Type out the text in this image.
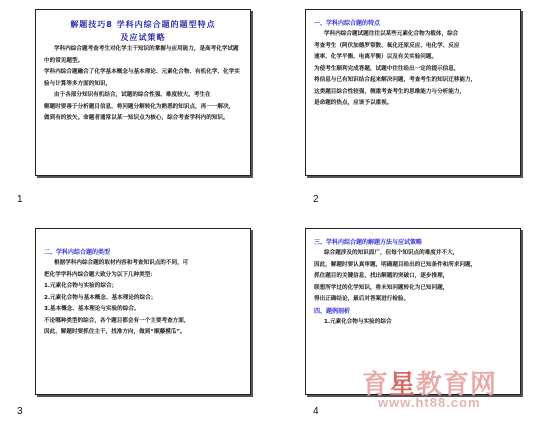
解题技巧8 学科内综合题的题型特点
及应试策略
学科内综合题考查考生对化学主干知识的掌握与应用能力，是高考化学试题中的常见题型。
学科内综合题融合了化学基本概念与基本理论、元素化合物、有机化学、化学实验与计算等多方面的知识，
由于各部分知识有机结合，试题的综合性强、难度较大。考生在
解题时要善于分析题目信息，将问题分解转化为熟悉的知识点，再一一解决，
做到有的放矢。命题者通常以某一知识点为核心，综合考查学科内的知识。
1
一、学科内综合题的特点
学科内综合题试题往往以某些元素化合物为载体，综合
考查考生（阿伏加德罗常数、氧化还原反应、电化学、反应
速率、化学平衡、电离平衡）以及有关实验问题。
为使考生顺利完成答题，试题中往往给出一定的提示信息，
将信息与已有知识结合起来解决问题，考查考生的知识迁移能力，
这类题目综合性较强，侧重考查考生的思维能力与分析能力，
是命题的热点，应该予以重视。
2
二、学科内综合题的类型
根据学科内综合题的取材内容和考查知识点的不同，可
把化学学科内综合题大致分为以下几种类型：
1.元素化合物与实验的综合；
2.元素化合物与基本概念、基本理论的综合；
3.基本概念、基本理论与实验的综合。
不论哪种类型的综合，各个题目都会有一个主要考查方面，
因此，解题时要抓住主干，找准方向，做到“顺藤摸瓜”。
3
三、学科内综合题的解题方法与应试策略
综合题涉及的知识面广，但每个知识点的难度并不大，
因此，解题时要认真审题，明确题目给出的已知条件和所求问题，
抓住题目的关键信息，找出解题的突破口，逐步推理，
联想所学过的化学知识，将未知问题转化为已知问题，
得出正确结论，最后对答案进行检验。
四、题例剖析
1.元素化合物与实验的综合
4
育星教育网
www.ht88.com
